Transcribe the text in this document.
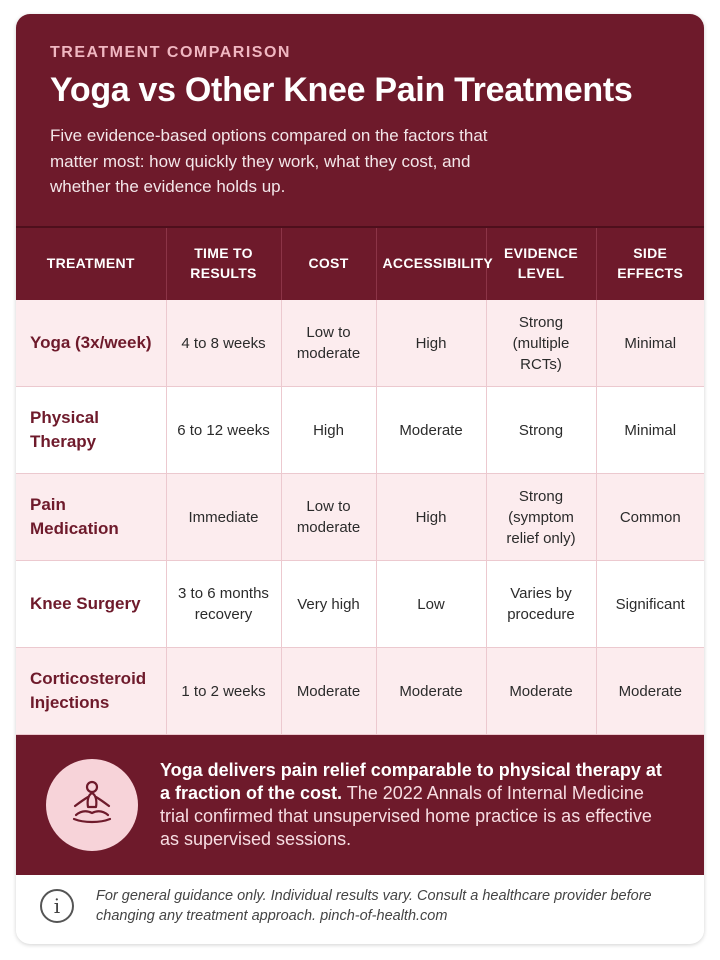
TREATMENT COMPARISON
Yoga vs Other Knee Pain Treatments

Five evidence-based options compared on the factors that matter most: how quickly they work, what they cost, and whether the evidence holds up.

TREATMENT	TIME TO RESULTS	COST	ACCESSIBILITY	EVIDENCE LEVEL	SIDE EFFECTS
Yoga (3x/week)	4 to 8 weeks	Low to moderate	High	Strong (multiple RCTs)	Minimal
Physical Therapy	6 to 12 weeks	High	Moderate	Strong	Minimal
Pain Medication	Immediate	Low to moderate	High	Strong (symptom relief only)	Common
Knee Surgery	3 to 6 months recovery	Very high	Low	Varies by procedure	Significant
Corticosteroid Injections	1 to 2 weeks	Moderate	Moderate	Moderate	Moderate
Yoga delivers pain relief comparable to physical therapy at a fraction of the cost. The 2022 Annals of Internal Medicine trial confirmed that unsupervised home practice is as effective as supervised sessions.
i	For general guidance only. Individual results vary. Consult a healthcare provider before changing any treatment approach. pinch-of-health.com
